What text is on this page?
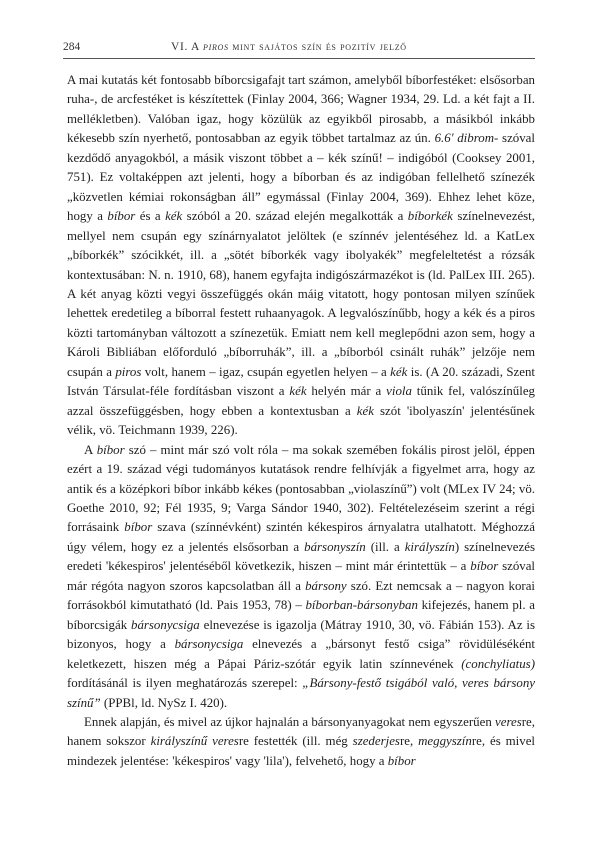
284	VI. A piros mint sajátos szín és pozitív jelző

A mai kutatás két fontosabb bíborcsigafajt tart számon, amelyből bíborfestéket: elsősorban ruha-, de arcfestéket is készítettek (Finlay 2004, 366; Wagner 1934, 29. Ld. a két fajt a II. mellékletben). Valóban igaz, hogy közülük az egyikből pirosabb, a másikból inkább kékesebb szín nyerhető, pontosabban az egyik többet tartalmaz az ún. 6.6' dibrom- szóval kezdődő anyagokból, a másik viszont többet a – kék színű! – indigóból (Cooksey 2001, 751). Ez voltaképpen azt jelenti, hogy a bíborban és az indigóban fellelhető színezék „közvetlen kémiai rokonságban áll” egymással (Finlay 2004, 369). Ehhez lehet köze, hogy a bíbor és a kék szóból a 20. század elején megalkották a bíborkék színelnevezést, mellyel nem csupán egy színárnyalatot jelöltek (e színnév jelentéséhez ld. a KatLex „bíborkék” szócikkét, ill. a „sötét bíborkék vagy ibolyakék” megfeleltetést a rózsák kontextusában: N. n. 1910, 68), hanem egyfajta indigószármazékot is (ld. PalLex III. 265). A két anyag közti vegyi összefüggés okán máig vitatott, hogy pontosan milyen színűek lehettek eredetileg a bíborral festett ruhaanyagok. A legvalószínűbb, hogy a kék és a piros közti tartományban változott a színezetük. Emiatt nem kell meglepődni azon sem, hogy a Károli Bibliában előforduló „bíborruhák”, ill. a „bíborból csinált ruhák” jelzője nem csupán a piros volt, hanem – igaz, csupán egyetlen helyen – a kék is. (A 20. századi, Szent István Társulat-féle fordításban viszont a kék helyén már a viola tűnik fel, valószínűleg azzal összefüggésben, hogy ebben a kontextusban a kék szót 'ibolyaszín' jelentésűnek vélik, vö. Teichmann 1939, 226).

A bíbor szó – mint már szó volt róla – ma sokak szemében fokális pirost jelöl, éppen ezért a 19. század végi tudományos kutatások rendre felhívják a figyelmet arra, hogy az antik és a középkori bíbor inkább kékes (pontosabban „violaszínű”) volt (MLex IV 24; vö. Goethe 2010, 92; Fél 1935, 9; Varga Sándor 1940, 302). Feltételezéseim szerint a régi forrásaink bíbor szava (színnévként) szintén kékespiros árnyalatra utalhatott. Méghozzá úgy vélem, hogy ez a jelentés elsősorban a bársonyszín (ill. a királyszín) színelnevezés eredeti 'kékespiros' jelentéséből következik, hiszen – mint már érintettük – a bíbor szóval már régóta nagyon szoros kapcsolatban áll a bársony szó. Ezt nemcsak a – nagyon korai forrásokból kimutatható (ld. Pais 1953, 78) – bíborban-bársonyban kifejezés, hanem pl. a bíborcsigák bársonycsiga elnevezése is igazolja (Mátray 1910, 30, vö. Fábián 153). Az is bizonyos, hogy a bársonycsiga elnevezés a „bársonyt festő csiga” rövidüléséként keletkezett, hiszen még a Pápai Páriz-szótár egyik latin színnevének (conchyliatus) fordításánál is ilyen meghatározás szerepel: „Bársony-festő tsigából való, veres bársony színű” (PPBl, ld. NySz I. 420).

Ennek alapján, és mivel az újkor hajnalán a bársonyanyagokat nem egyszerűen veresre, hanem sokszor királyszínű veresre festették (ill. még szederjesre, meggyszínre, és mivel mindezek jelentése: 'kékespiros' vagy 'lila'), felvehető, hogy a bíbor
